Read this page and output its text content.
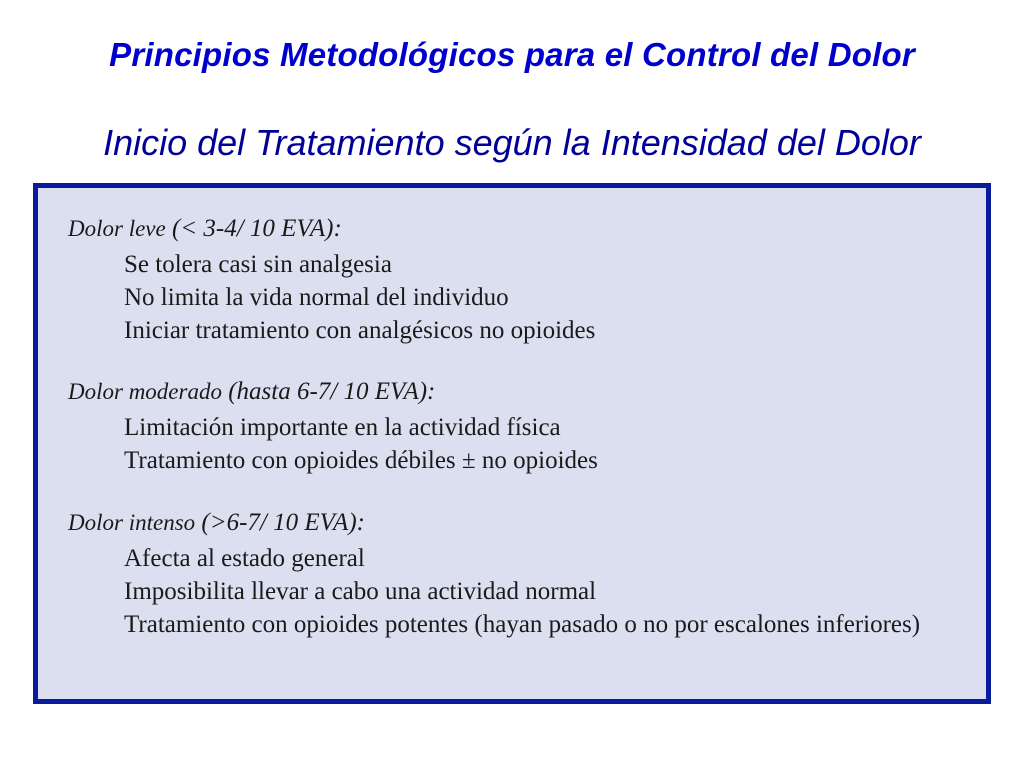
Principios Metodológicos para el Control del Dolor
Inicio del Tratamiento según la Intensidad del Dolor
Dolor leve (< 3-4/ 10 EVA):
Se tolera casi sin analgesia
No limita la vida normal del individuo
Iniciar tratamiento con analgésicos no opioides
Dolor moderado (hasta 6-7/ 10 EVA):
Limitación importante en la actividad física
Tratamiento con opioides débiles ± no opioides
Dolor intenso (>6-7/ 10 EVA):
Afecta al estado general
Imposibilita llevar a cabo una actividad normal
Tratamiento con opioides potentes (hayan pasado o no por escalones inferiores)
